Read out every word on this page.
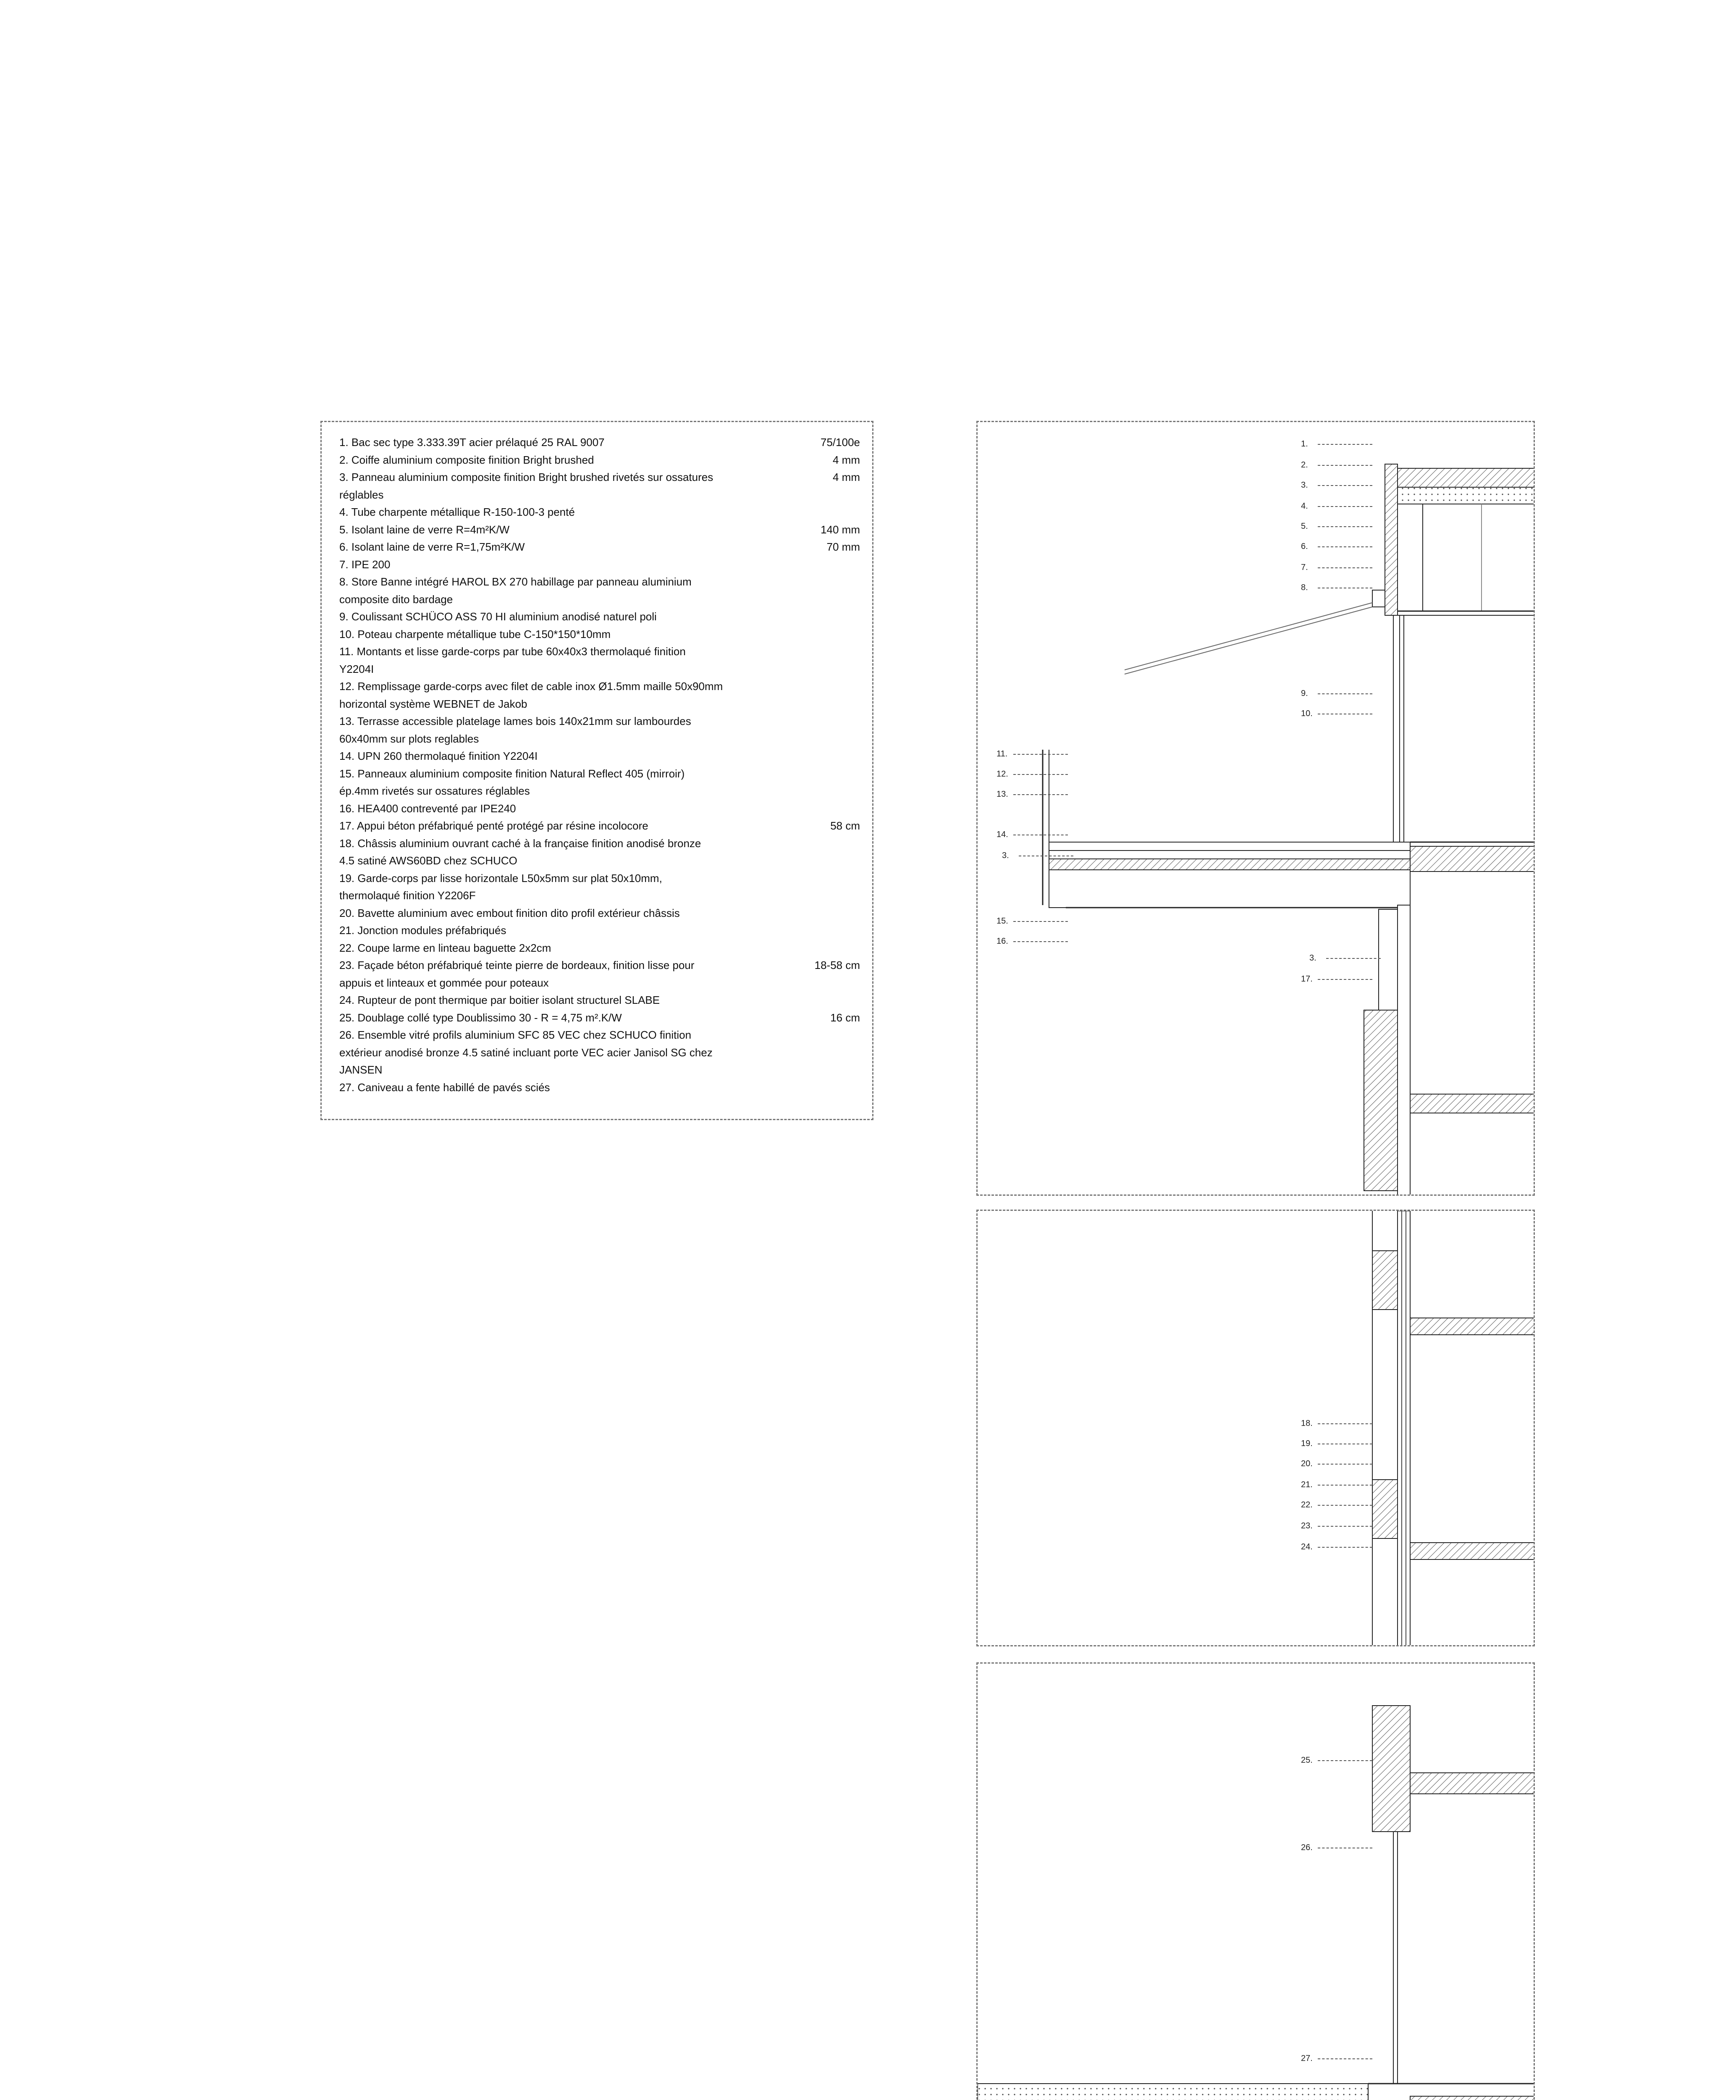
1. Bac sec type 3.333.39T acier prélaqué 25 RAL 9007	75/100e
2. Coiffe aluminium composite finition Bright brushed	4 mm
3. Panneau aluminium composite finition Bright brushed rivetés sur ossatures	4 mm
réglables
4. Tube charpente métallique R-150-100-3 penté
5. Isolant laine de verre R=4m²K/W	140 mm
6. Isolant laine de verre R=1,75m²K/W	70 mm
7. IPE 200
8. Store Banne intégré HAROL BX 270 habillage par panneau aluminium
composite dito bardage
9. Coulissant SCHÜCO ASS 70 HI aluminium anodisé naturel poli
10. Poteau charpente métallique tube C-150*150*10mm
11. Montants et lisse garde-corps par tube 60x40x3 thermolaqué finition
Y2204I
12. Remplissage garde-corps avec filet de cable inox Ø1.5mm maille 50x90mm
horizontal système WEBNET de Jakob
13. Terrasse accessible platelage lames bois 140x21mm sur lambourdes
60x40mm sur plots reglables
14. UPN 260 thermolaqué finition Y2204I
15. Panneaux aluminium composite finition Natural Reflect 405 (mirroir)
ép.4mm rivetés sur ossatures réglables
16. HEA400 contreventé par IPE240
17. Appui béton préfabriqué penté protégé par résine incolocore	58 cm
18. Châssis aluminium ouvrant caché à la française finition anodisé bronze
4.5 satiné AWS60BD chez SCHUCO
19. Garde-corps par lisse horizontale L50x5mm sur plat 50x10mm,
thermolaqué finition Y2206F
20. Bavette aluminium avec embout finition dito profil extérieur châssis
21. Jonction modules préfabriqués
22. Coupe larme en linteau baguette 2x2cm
23. Façade béton préfabriqué teinte pierre de bordeaux, finition lisse pour	18-58 cm
appuis et linteaux et gommée pour poteaux
24. Rupteur de pont thermique par boitier isolant structurel SLABE
25. Doublage collé type Doublissimo 30 - R = 4,75 m².K/W	16 cm
26. Ensemble vitré profils aluminium SFC 85 VEC chez SCHUCO finition
extérieur anodisé bronze 4.5 satiné incluant porte VEC acier Janisol SG chez
JANSEN
27. Caniveau a fente habillé de pavés sciés
1.
2.
3.
4.
5.
6.
7.
8.
9.
10.
11.
12.
13.
14.
3.
15.
16.
3.
17.
18.
19.
20.
21.
22.
23.
24.
25.
26.
27.
